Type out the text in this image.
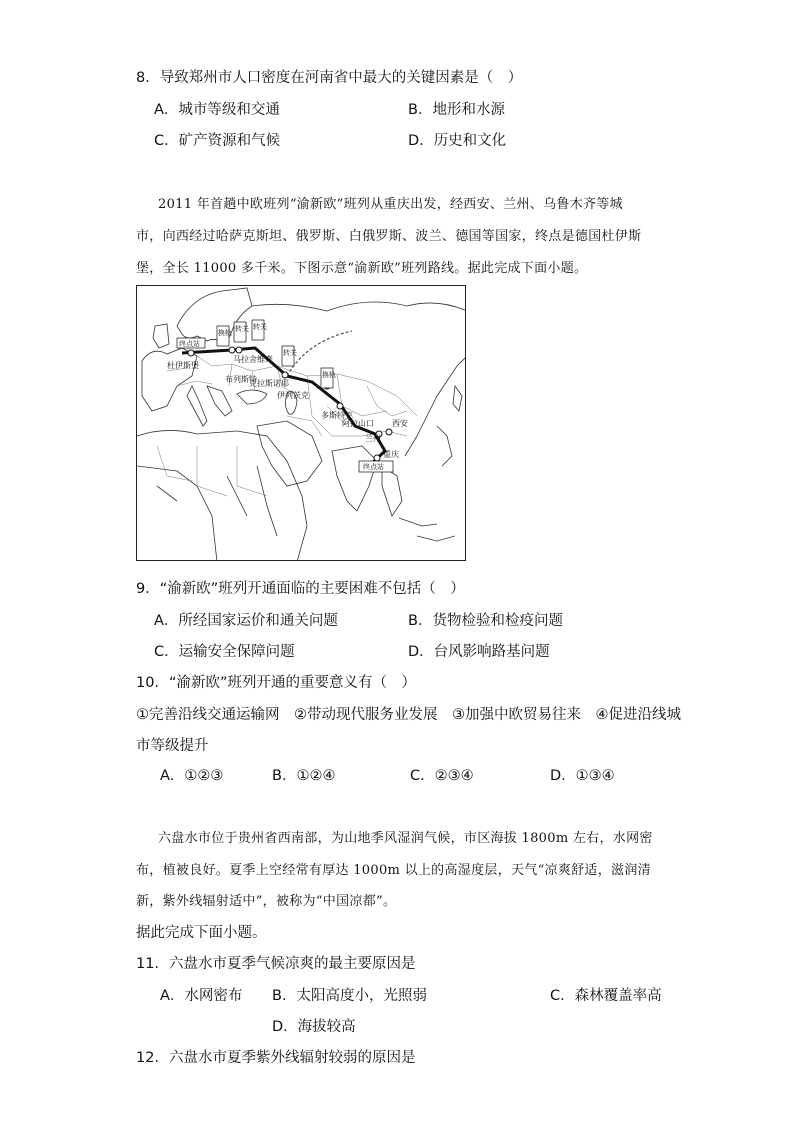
8．导致郑州市人口密度在河南省中最大的关键因素是（　）
A．城市等级和交通	B．地形和水源
C．矿产资源和气候	D．历史和文化
2011 年首趟中欧班列“渝新欧”班列从重庆出发，经西安、兰州、乌鲁木齐等城
市，向西经过哈萨克斯坦、俄罗斯、白俄罗斯、波兰、德国等国家，终点是德国杜伊斯
堡，全长 11000 多千米。下图示意“渝新欧”班列路线。据此完成下面小题。
终点站
换轨 转关 转关
转关
换轨
终点站
杜伊斯堡
马拉舍维奇
布列斯特
克拉斯诺耶
伊列茨克
多斯特克
阿拉山口 西安
兰州
重庆
9．“渝新欧”班列开通面临的主要困难不包括（　）
A．所经国家运价和通关问题	B．货物检验和检疫问题
C．运输安全保障问题	D．台风影响路基问题
10．“渝新欧”班列开通的重要意义有（　）
①完善沿线交通运输网　②带动现代服务业发展　③加强中欧贸易往来　④促进沿线城
市等级提升
A．①②③	B．①②④	C．②③④	D．①③④
六盘水市位于贵州省西南部，为山地季风湿润气候，市区海拔 1800m 左右，水网密
布，植被良好。夏季上空经常有厚达 1000m 以上的高湿度层，天气“凉爽舒适，滋润清
新，紫外线辐射适中”，被称为“中国凉都”。
据此完成下面小题。
11．六盘水市夏季气候凉爽的最主要原因是
A．水网密布 B．太阳高度小，光照弱	C．森林覆盖率高
D．海拔较高
12．六盘水市夏季紫外线辐射较弱的原因是
